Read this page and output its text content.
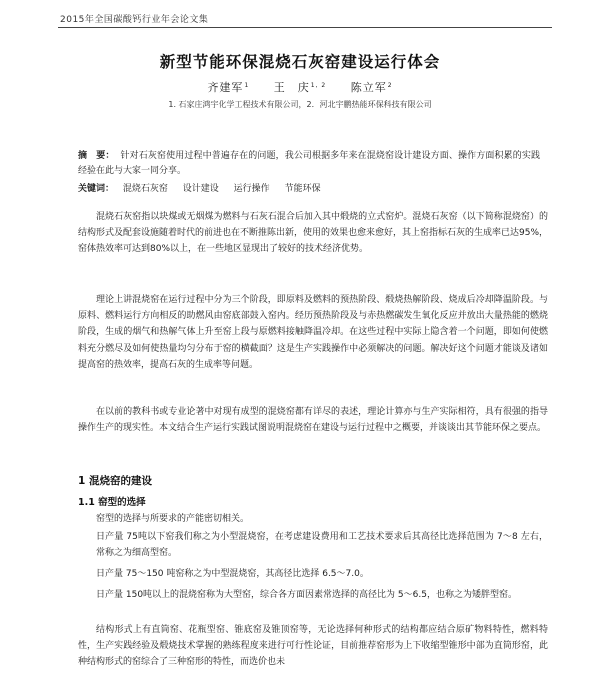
2015年全国碳酸钙行业年会论文集
新型节能环保混烧石灰窑建设运行体会
齐建军$^1$ 王　庆$^{1, 2}$ 陈立军$^2$
1. 石家庄鸿宇化学工程技术有限公司，2．河北宇鹏热能环保科技有限公司
摘　要： 针对石灰窑使用过程中普遍存在的问题，我公司根据多年来在混烧窑设计建设方面、操作方面积累的实践经验在此与大家一同分享。
关键词： 混烧石灰窑 设计建设 运行操作 节能环保

混烧石灰窑指以块煤或无烟煤为燃料与石灰石混合后加入其中煅烧的立式窑炉。混烧石灰窑（以下简称混烧窑）的结构形式及配套设施随着时代的前进也在不断推陈出新，使用的效果也愈来愈好，其上窑指标石灰的生成率已达95%，窑体热效率可达到80%以上，在一些地区显现出了较好的技术经济优势。

理论上讲混烧窑在运行过程中分为三个阶段，即原料及燃料的预热阶段、煅烧热解阶段、烧成后冷却降温阶段。与原料、燃料运行方向相反的助燃风由窑底部鼓入窑内。经历预热阶段及与赤热燃碳发生氧化反应并放出大量热能的燃烧阶段，生成的烟气和热解气体上升至窑上段与原燃料接触降温冷却。在这些过程中实际上隐含着一个问题，即如何使燃料充分燃尽及如何使热量均匀分布于窑的横截面？这是生产实践操作中必须解决的问题。解决好这个问题才能谈及诸如提高窑的热效率，提高石灰的生成率等问题。

在以前的教科书或专业论著中对现有成型的混烧窑都有详尽的表述，理论计算亦与生产实际相符，具有很强的指导操作生产的现实性。本文结合生产运行实践试图说明混烧窑在建设与运行过程中之概要，并谈谈出其节能环保之要点。

1 混烧窑的建设
1.1 窑型的选择

窑型的选择与所要求的产能密切相关。

日产量 75吨以下窑我们称之为小型混烧窑，在考虑建设费用和工艺技术要求后其高径比选择范围为 7～8 左右，常称之为细高型窑。

日产量 75～150 吨窑称之为中型混烧窑，其高径比选择 6.5～7.0。

日产量 150吨以上的混烧窑称为大型窑，综合各方面因素常选择的高径比为 5～6.5，也称之为矮胖型窑。

结构形式上有直筒窑、花瓶型窑、锥底窑及锥顶窑等，无论选择何种形式的结构都应结合原矿物料特性，燃料特性，生产实践经验及煅烧技术掌握的熟练程度来进行可行性论证，目前推荐窑形为上下收缩型锥形中部为直筒形窑，此种结构形式的窑综合了三种窑形的特性，而选价也未
